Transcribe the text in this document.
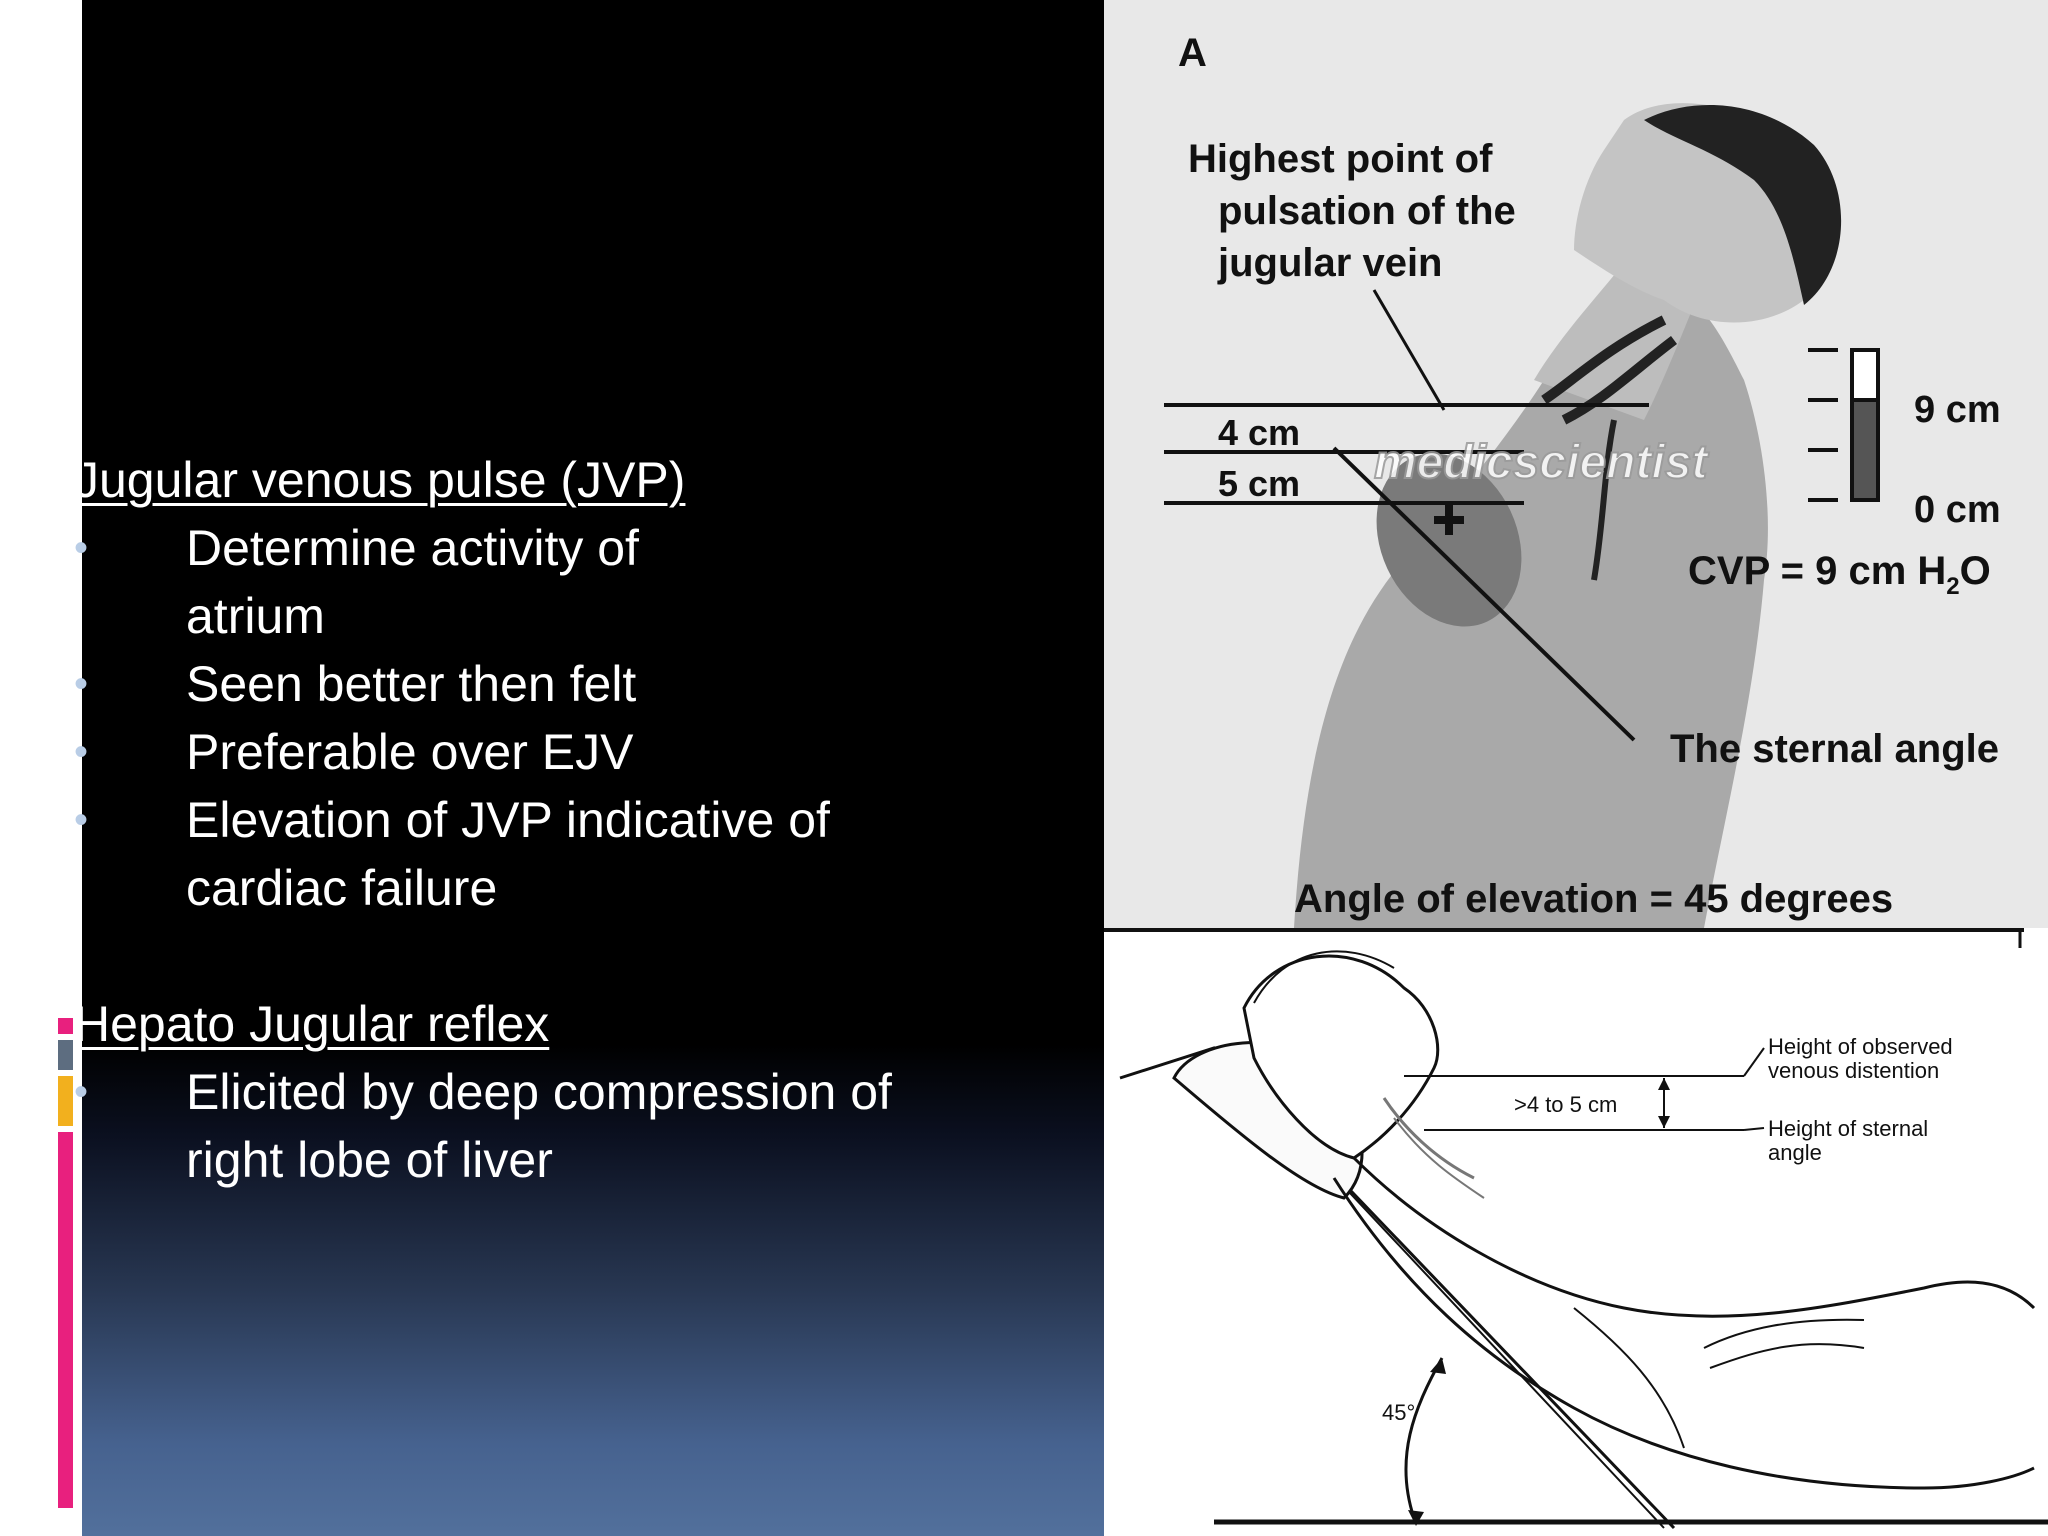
Jugular venous pulse (JVP)
• Determine activity of atrium
• Seen better then felt
• Preferable over EJV
• Elevation of JVP indicative of cardiac failure
Hepato Jugular reflex
• Elicited by deep compression of right lobe of liver
A
Highest point of
pulsation of the
jugular vein
4 cm
5 cm
9 cm
0 cm
CVP = 9 cm $H_2O$
The sternal angle
Angle of elevation = 45 degrees
medicscientist
Height of observed
venous distention
>4 to 5 cm
Height of sternal
angle
45°
